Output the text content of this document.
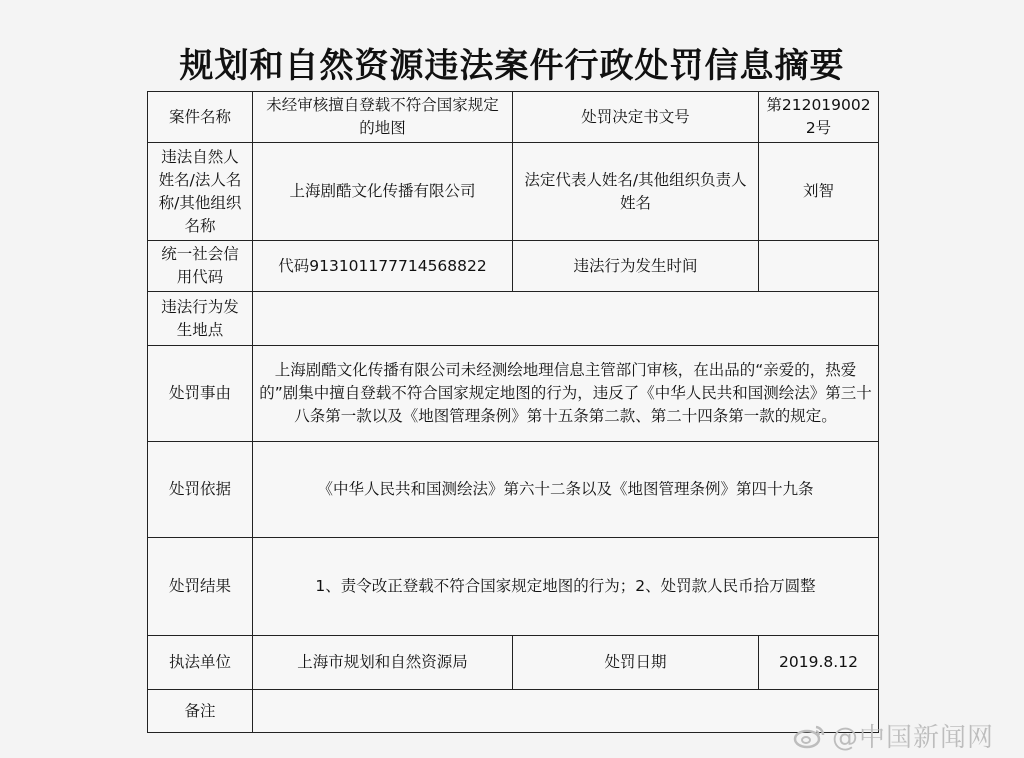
规划和自然资源违法案件行政处罚信息摘要
案件名称	未经审核擅自登载不符合国家规定的地图	处罚决定书文号	第2120190022号
违法自然人姓名/法人名称/其他组织名称	上海剧酷文化传播有限公司	法定代表人姓名/其他组织负责人姓名	刘智
统一社会信用代码	代码913101177714568822	违法行为发生时间	
违法行为发生地点			
处罚事由	上海剧酷文化传播有限公司未经测绘地理信息主管部门审核，在出品的“亲爱的，热爱的”剧集中擅自登载不符合国家规定地图的行为，违反了《中华人民共和国测绘法》第三十八条第一款以及《地图管理条例》第十五条第二款、第二十四条第一款的规定。		
处罚依据	《中华人民共和国测绘法》第六十二条以及《地图管理条例》第四十九条		
处罚结果	1、责令改正登载不符合国家规定地图的行为；2、处罚款人民币拾万圆整		
执法单位	上海市规划和自然资源局	处罚日期	2019.8.12
备注			
@中国新闻网
